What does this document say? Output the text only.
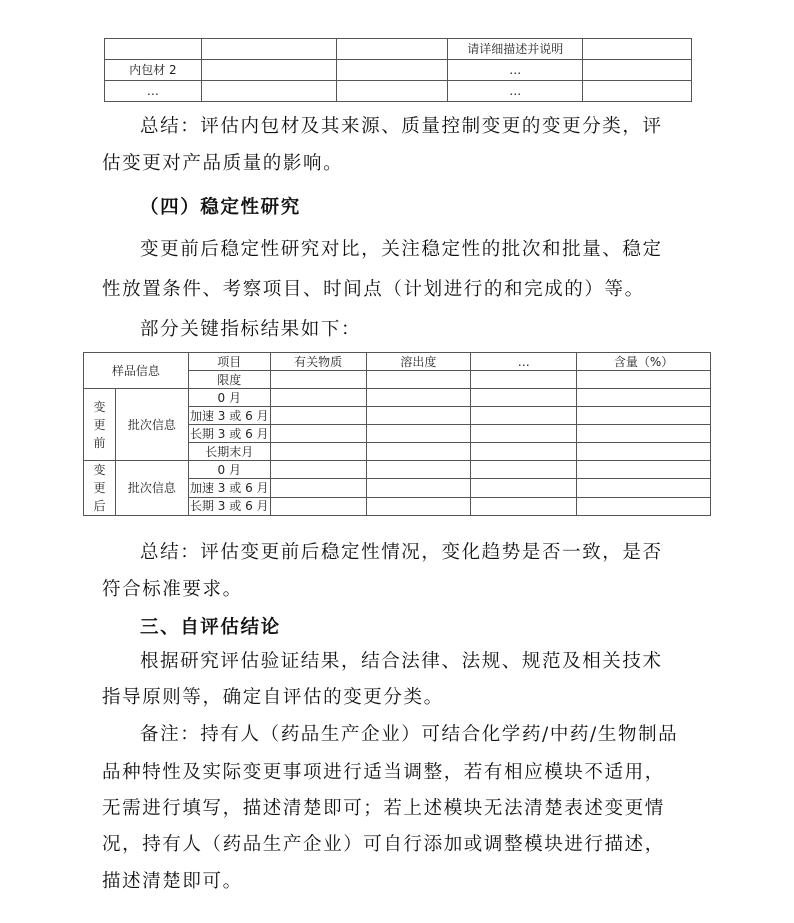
			请详细描述并说明	
内包材 2			…	
…			…	
总结：评估内包材及其来源、质量控制变更的变更分类，评
估变更对产品质量的影响。
（四）稳定性研究
变更前后稳定性研究对比，关注稳定性的批次和批量、稳定
性放置条件、考察项目、时间点（计划进行的和完成的）等。
部分关键指标结果如下：
样品信息		项目	有关物质	溶出度	…	含量（%）
		限度				
变更前	批次信息	0 月				
		加速 3 或 6 月				
		长期 3 或 6 月				
		长期末月				
变更后	批次信息	0 月				
		加速 3 或 6 月				
		长期 3 或 6 月				
总结：评估变更前后稳定性情况，变化趋势是否一致，是否
符合标准要求。
三、自评估结论
根据研究评估验证结果，结合法律、法规、规范及相关技术
指导原则等，确定自评估的变更分类。
备注：持有人（药品生产企业）可结合化学药/中药/生物制品
品种特性及实际变更事项进行适当调整，若有相应模块不适用，
无需进行填写，描述清楚即可；若上述模块无法清楚表述变更情
况，持有人（药品生产企业）可自行添加或调整模块进行描述，
描述清楚即可。
